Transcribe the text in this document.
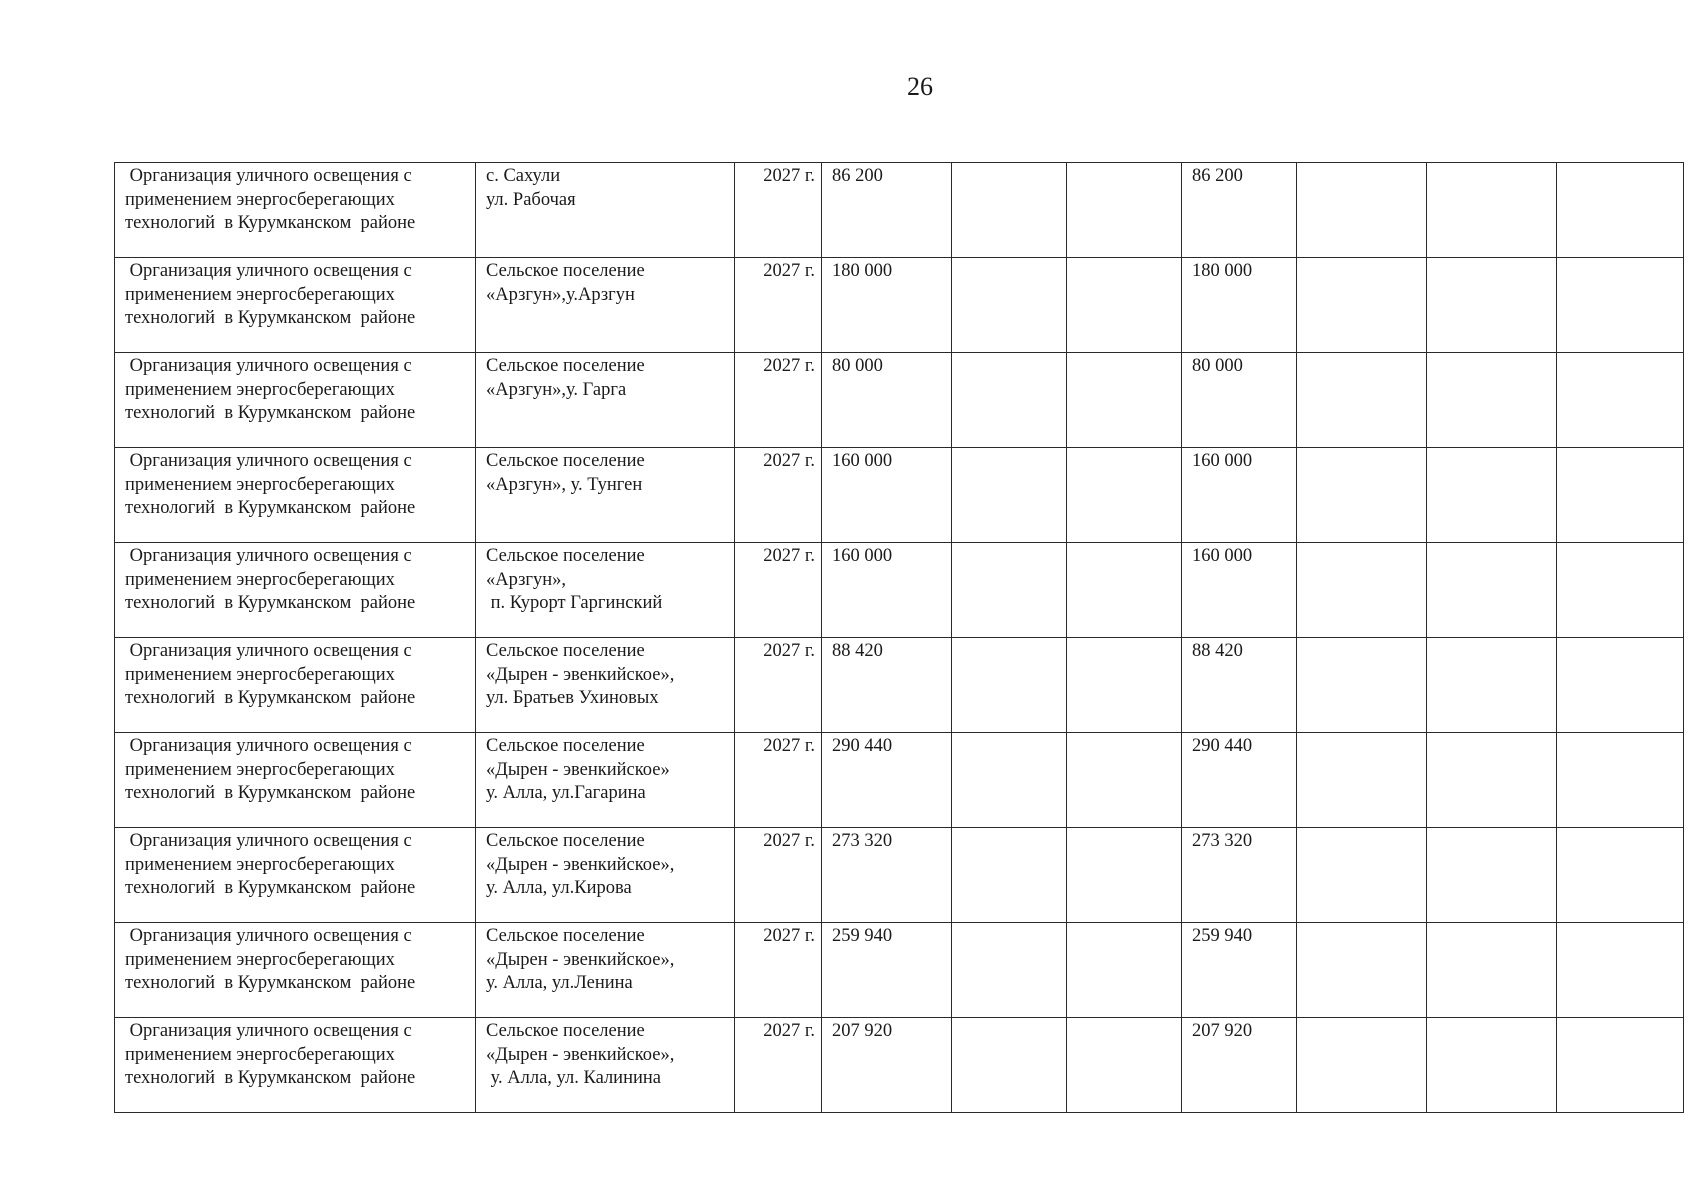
26
Организация уличного освещения с
применением энергосберегающих
технологий  в Курумканском  районе	с. Сахули
ул. Рабочая	2027 г.	86 200			86 200			

Организация уличного освещения с
применением энергосберегающих
технологий  в Курумканском  районе	Сельское поселение
«Арзгун»,у.Арзгун	2027 г.	180 000			180 000			

Организация уличного освещения с
применением энергосберегающих
технологий  в Курумканском  районе	Сельское поселение
«Арзгун»,у. Гарга	2027 г.	80 000			80 000			

Организация уличного освещения с
применением энергосберегающих
технологий  в Курумканском  районе	Сельское поселение
«Арзгун», у. Тунген	2027 г.	160 000			160 000			

Организация уличного освещения с
применением энергосберегающих
технологий  в Курумканском  районе	Сельское поселение
«Арзгун»,
п. Курорт Гаргинский	2027 г.	160 000			160 000			

Организация уличного освещения с
применением энергосберегающих
технологий  в Курумканском  районе	Сельское поселение
«Дырен - эвенкийское»,
ул. Братьев Ухиновых	2027 г.	88 420			88 420			

Организация уличного освещения с
применением энергосберегающих
технологий  в Курумканском  районе	Сельское поселение
«Дырен - эвенкийское»
у. Алла, ул.Гагарина	2027 г.	290 440			290 440			

Организация уличного освещения с
применением энергосберегающих
технологий  в Курумканском  районе	Сельское поселение
«Дырен - эвенкийское»,
у. Алла, ул.Кирова	2027 г.	273 320			273 320			

Организация уличного освещения с
применением энергосберегающих
технологий  в Курумканском  районе	Сельское поселение
«Дырен - эвенкийское»,
у. Алла, ул.Ленина	2027 г.	259 940			259 940			

Организация уличного освещения с
применением энергосберегающих
технологий  в Курумканском  районе	Сельское поселение
«Дырен - эвенкийское»,
у. Алла, ул. Калинина	2027 г.	207 920			207 920			
